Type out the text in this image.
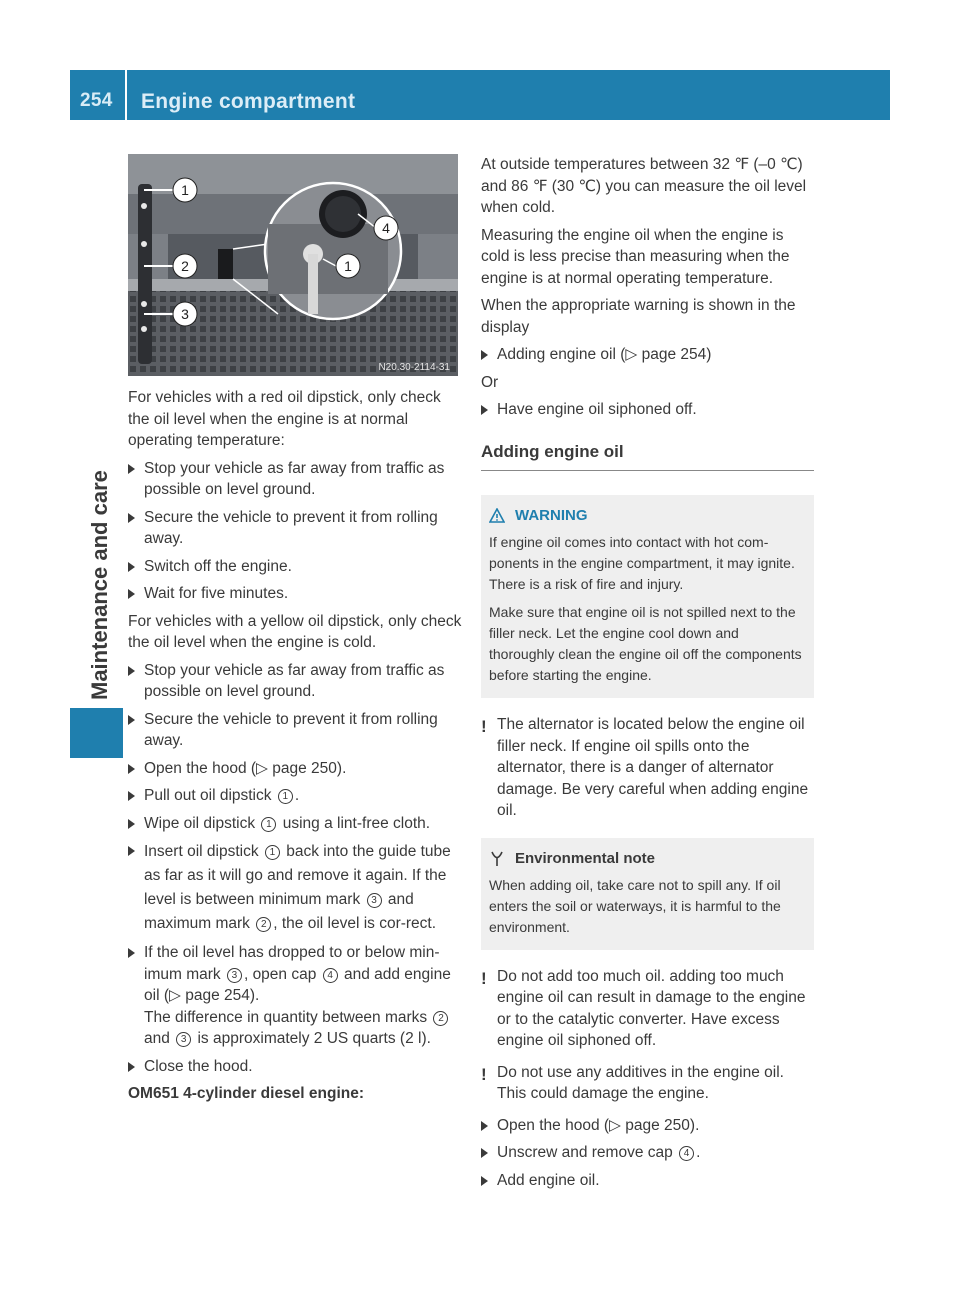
254 Engine compartment
Maintenance and care
1
2
3
4
1
N20.30-2114-31

For vehicles with a red oil dipstick, only check the oil level when the engine is at normal operating temperature:

Stop your vehicle as far away from traffic as possible on level ground.
Secure the vehicle to prevent it from rolling away.
Switch off the engine.
Wait for five minutes.

For vehicles with a yellow oil dipstick, only check the oil level when the engine is cold.

Stop your vehicle as far away from traffic as possible on level ground.
Secure the vehicle to prevent it from rolling away.
Open the hood (▷ page 250).
Pull out oil dipstick 1 .
Wipe oil dipstick 1 using a lint-free cloth.
Insert oil dipstick 1 back into the guide tube as far as it will go and remove it again. If the level is between minimum mark 3 and maximum mark 2 , the oil level is cor-rect.
If the oil level has dropped to or below min-imum mark 3 , open cap 4 and add engine oil (▷ page 254).
The difference in quantity between marks 2 and 3 is approximately 2 US quarts (2 l).
Close the hood.

OM651 4-cylinder diesel engine:

At outside temperatures between 32 ℉ (–0 ℃) and 86 ℉ (30 ℃) you can measure the oil level when cold.

Measuring the engine oil when the engine is cold is less precise than measuring when the engine is at normal operating temperature.

When the appropriate warning is shown in the display

Adding engine oil (▷ page 254)

Or

Have engine oil siphoned off.
Adding engine oil
WARNING

If engine oil comes into contact with hot com-ponents in the engine compartment, it may ignite. There is a risk of fire and injury.

Make sure that engine oil is not spilled next to the filler neck. Let the engine cool down and thoroughly clean the engine oil off the components before starting the engine.

! The alternator is located below the engine oil filler neck. If engine oil spills onto the alternator, there is a danger of alternator damage. Be very careful when adding engine oil.
Environmental note

When adding oil, take care not to spill any. If oil enters the soil or waterways, it is harmful to the environment.

! Do not add too much oil. adding too much engine oil can result in damage to the engine or to the catalytic converter. Have excess engine oil siphoned off.
! Do not use any additives in the engine oil. This could damage the engine.
Open the hood (▷ page 250).
Unscrew and remove cap 4 .
Add engine oil.
